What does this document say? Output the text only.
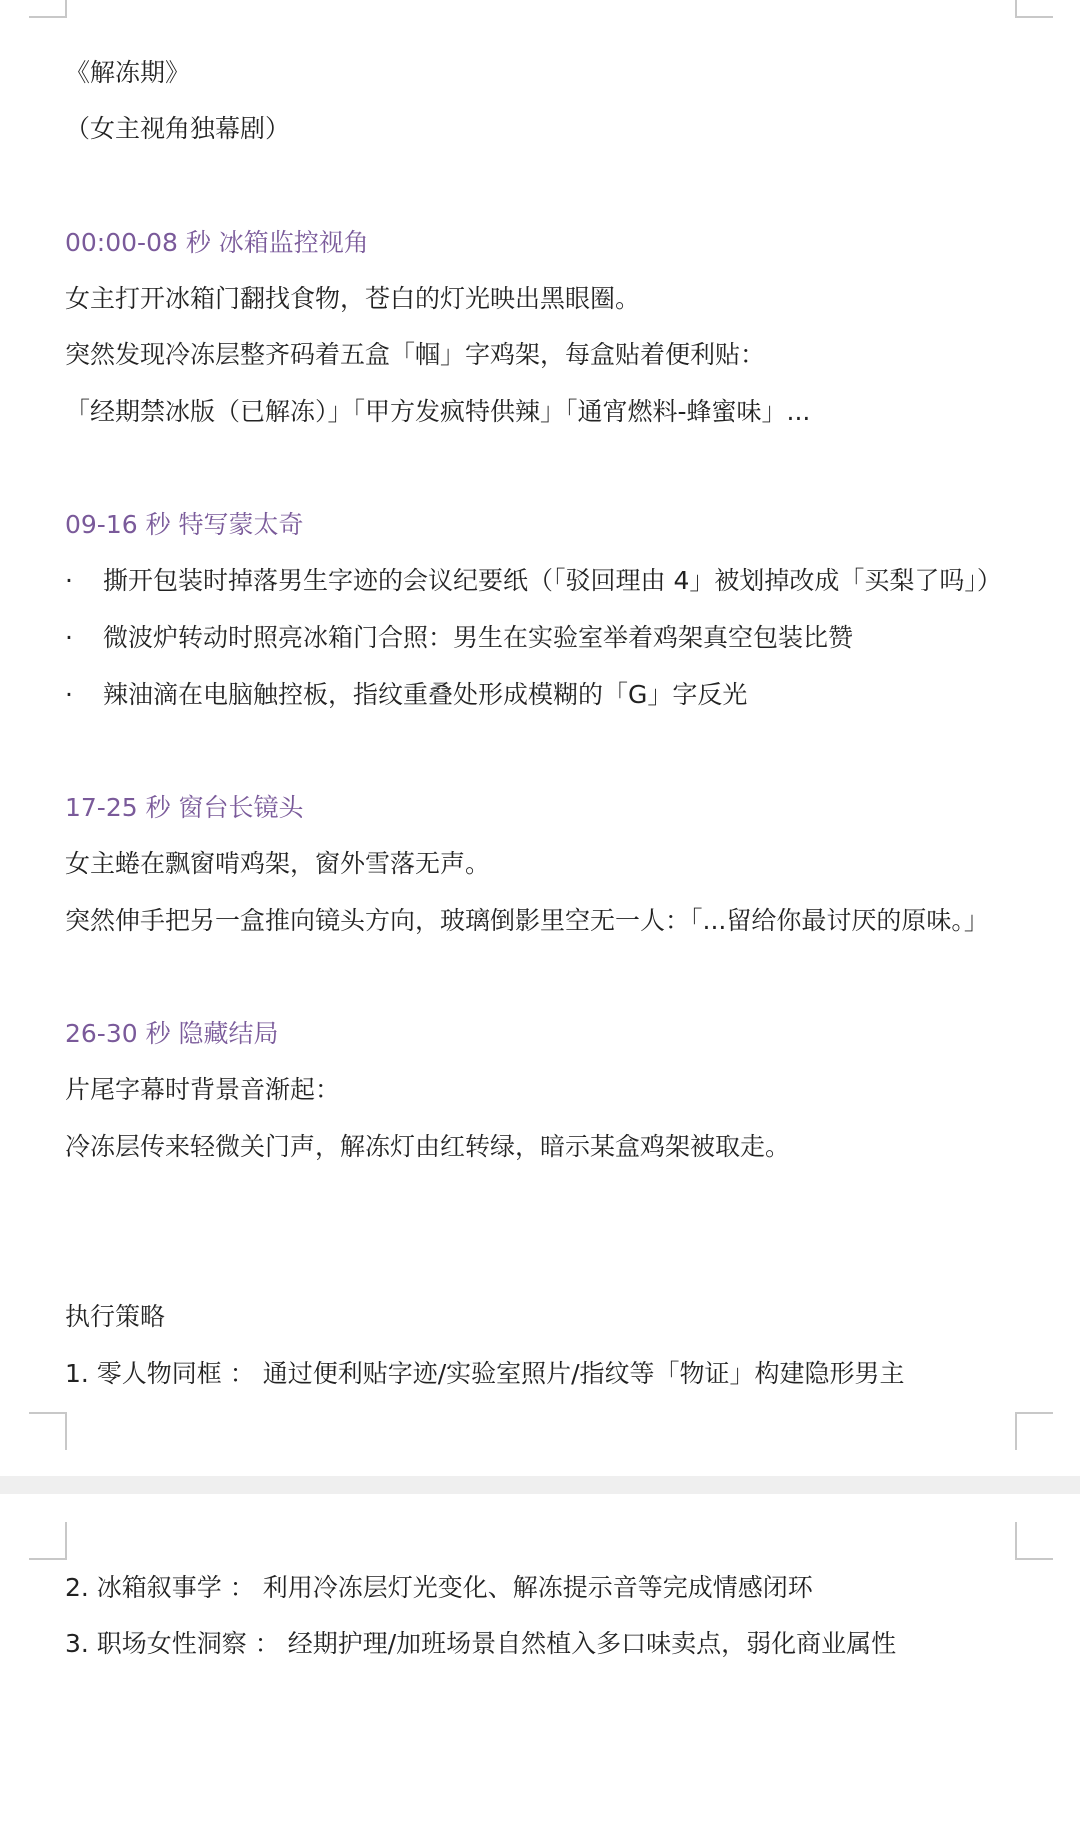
《解冻期》
（女主视角独幕剧）
00:00-08 秒 冰箱监控视角
女主打开冰箱门翻找食物，苍白的灯光映出黑眼圈。
突然发现冷冻层整齐码着五盒「帼」字鸡架，每盒贴着便利贴：
「经期禁冰版（已解冻）」「甲方发疯特供辣」「通宵燃料-蜂蜜味」...
09-16 秒 特写蒙太奇
· 撕开包装时掉落男生字迹的会议纪要纸（「驳回理由 4」被划掉改成「买梨了吗」）
· 微波炉转动时照亮冰箱门合照：男生在实验室举着鸡架真空包装比赞
· 辣油滴在电脑触控板，指纹重叠处形成模糊的「G」字反光
17-25 秒 窗台长镜头
女主蜷在飘窗啃鸡架，窗外雪落无声。
突然伸手把另一盒推向镜头方向，玻璃倒影里空无一人：「...留给你最讨厌的原味。」
26-30 秒 隐藏结局
片尾字幕时背景音渐起：
冷冻层传来轻微关门声，解冻灯由红转绿，暗示某盒鸡架被取走。
执行策略
1. 零人物同框 ： 通过便利贴字迹/实验室照片/指纹等「物证」构建隐形男主
2. 冰箱叙事学 ： 利用冷冻层灯光变化、解冻提示音等完成情感闭环
3. 职场女性洞察 ： 经期护理/加班场景自然植入多口味卖点，弱化商业属性
